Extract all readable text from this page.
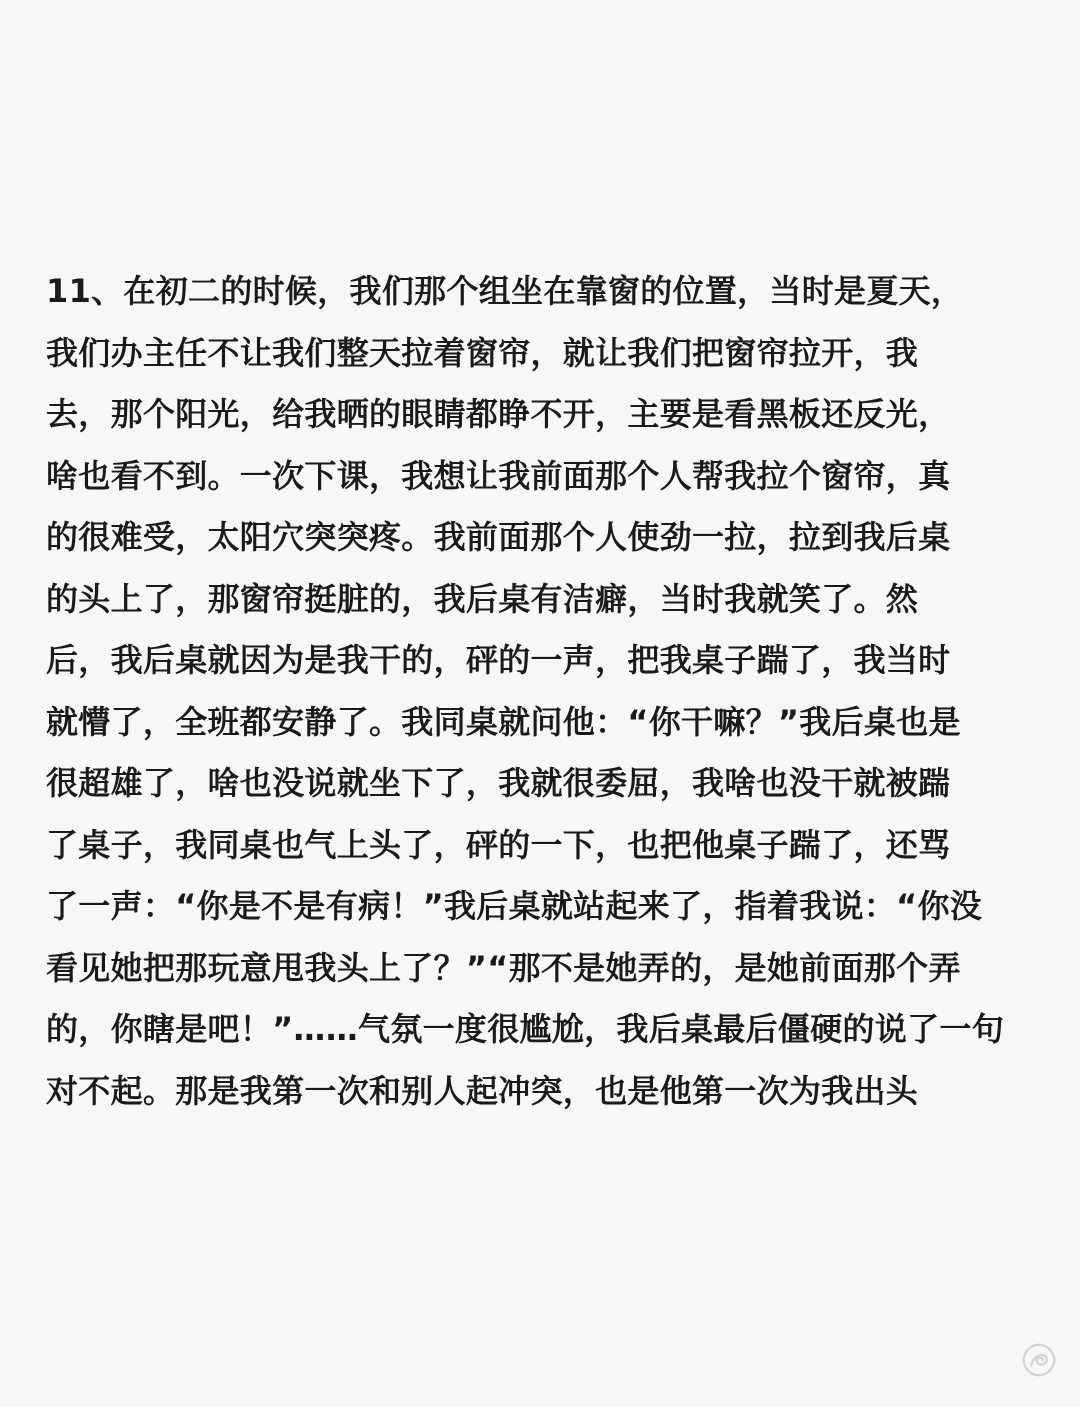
11、在初二的时候，我们那个组坐在靠窗的位置，当时是夏天，
我们办主任不让我们整天拉着窗帘，就让我们把窗帘拉开，我
去，那个阳光，给我晒的眼睛都睁不开，主要是看黑板还反光，
啥也看不到。一次下课，我想让我前面那个人帮我拉个窗帘，真
的很难受，太阳穴突突疼。我前面那个人使劲一拉，拉到我后桌
的头上了，那窗帘挺脏的，我后桌有洁癖，当时我就笑了。然
后，我后桌就因为是我干的，砰的一声，把我桌子踹了，我当时
就懵了，全班都安静了。我同桌就问他：“你干嘛？”我后桌也是
很超雄了，啥也没说就坐下了，我就很委屈，我啥也没干就被踹
了桌子，我同桌也气上头了，砰的一下，也把他桌子踹了，还骂
了一声：“你是不是有病！”我后桌就站起来了，指着我说：“你没
看见她把那玩意甩我头上了？”“那不是她弄的，是她前面那个弄
的，你瞎是吧！”……气氛一度很尴尬，我后桌最后僵硬的说了一句
对不起。那是我第一次和别人起冲突，也是他第一次为我出头
